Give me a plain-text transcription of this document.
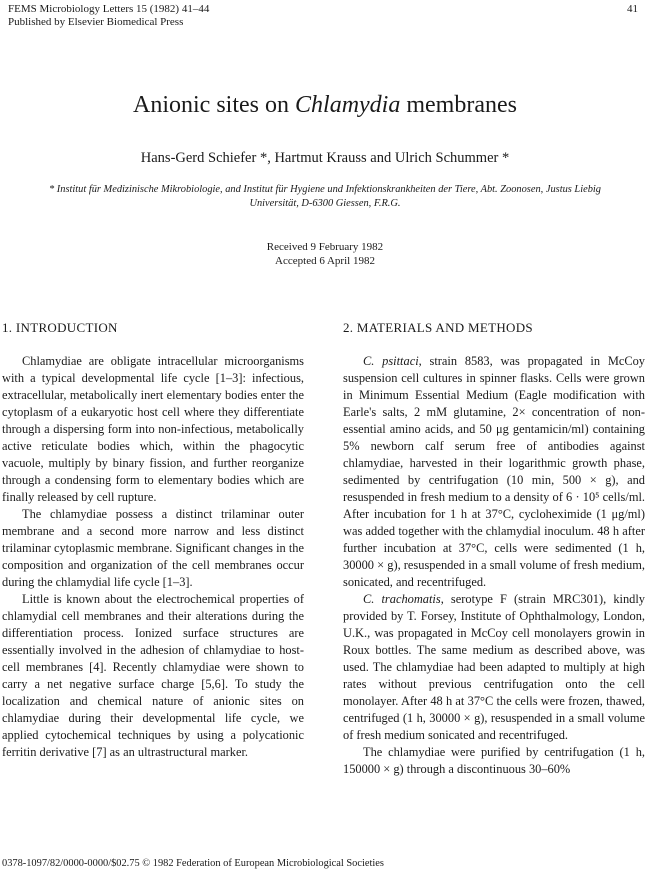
FEMS Microbiology Letters 15 (1982) 41–44
Published by Elsevier Biomedical Press
41
Anionic sites on Chlamydia membranes
Hans-Gerd Schiefer *, Hartmut Krauss and Ulrich Schummer *
* Institut für Medizinische Mikrobiologie, and Institut für Hygiene und Infektionskrankheiten der Tiere, Abt. Zoonosen, Justus Liebig Universität, D-6300 Giessen, F.R.G.
Received 9 February 1982
Accepted 6 April 1982
1. INTRODUCTION

Chlamydiae are obligate intracellular microorganisms with a typical developmental life cycle [1–3]: infectious, extracellular, metabolically inert elementary bodies enter the cytoplasm of a eukaryotic host cell where they differentiate through a dispersing form into non-infectious, metabolically active reticulate bodies which, within the phagocytic vacuole, multiply by binary fission, and further reorganize through a condensing form to elementary bodies which are finally released by cell rupture.

The chlamydiae possess a distinct trilaminar outer membrane and a second more narrow and less distinct trilaminar cytoplasmic membrane. Significant changes in the composition and organization of the cell membranes occur during the chlamydial life cycle [1–3].

Little is known about the electrochemical properties of chlamydial cell membranes and their alterations during the differentiation process. Ionized surface structures are essentially involved in the adhesion of chlamydiae to host-cell membranes [4]. Recently chlamydiae were shown to carry a net negative surface charge [5,6]. To study the localization and chemical nature of anionic sites on chlamydiae during their developmental life cycle, we applied cytochemical techniques by using a polycationic ferritin derivative [7] as an ultrastructural marker.

2. MATERIALS AND METHODS

C. psittaci, strain 8583, was propagated in McCoy suspension cell cultures in spinner flasks. Cells were grown in Minimum Essential Medium (Eagle modification with Earle's salts, 2 mM glutamine, 2× concentration of non-essential amino acids, and 50 μg gentamicin/ml) containing 5% newborn calf serum free of antibodies against chlamydiae, harvested in their logarithmic growth phase, sedimented by centrifugation (10 min, 500 × g), and resuspended in fresh medium to a density of 6 · 10⁵ cells/ml. After incubation for 1 h at 37°C, cycloheximide (1 μg/ml) was added together with the chlamydial inoculum. 48 h after further incubation at 37°C, cells were sedimented (1 h, 30000 × g), resuspended in a small volume of fresh medium, sonicated, and recentrifuged.

C. trachomatis, serotype F (strain MRC301), kindly provided by T. Forsey, Institute of Ophthalmology, London, U.K., was propagated in McCoy cell monolayers growin in Roux bottles. The same medium as described above, was used. The chlamydiae had been adapted to multiply at high rates without previous centrifugation onto the cell monolayer. After 48 h at 37°C the cells were frozen, thawed, centrifuged (1 h, 30000 × g), resuspended in a small volume of fresh medium sonicated and recentrifuged.

The chlamydiae were purified by centrifugation (1 h, 150000 × g) through a discontinuous 30–60%

0378-1097/82/0000-0000/$02.75 © 1982 Federation of European Microbiological Societies
